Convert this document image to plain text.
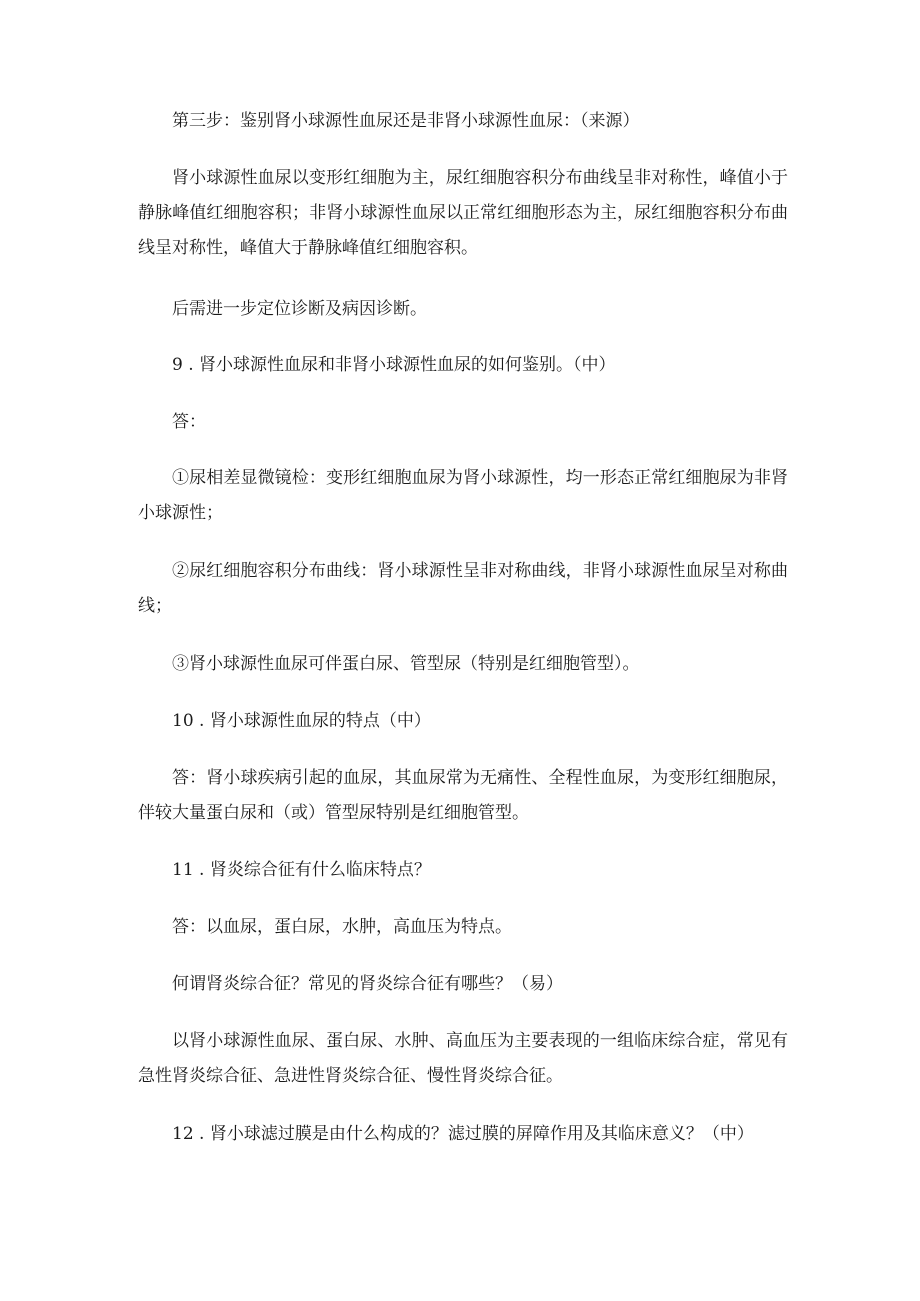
第三步：鉴别肾小球源性血尿还是非肾小球源性血尿：（来源）

肾小球源性血尿以变形红细胞为主，尿红细胞容积分布曲线呈非对称性，峰值小于静脉峰值红细胞容积；非肾小球源性血尿以正常红细胞形态为主，尿红细胞容积分布曲线呈对称性，峰值大于静脉峰值红细胞容积。

后需进一步定位诊断及病因诊断。

9 . 肾小球源性血尿和非肾小球源性血尿的如何鉴别。（中）

答：

①尿相差显微镜检：变形红细胞血尿为肾小球源性，均一形态正常红细胞尿为非肾小球源性；

②尿红细胞容积分布曲线：肾小球源性呈非对称曲线，非肾小球源性血尿呈对称曲线；

③肾小球源性血尿可伴蛋白尿、管型尿（特别是红细胞管型）。

10 . 肾小球源性血尿的特点（中）

答：肾小球疾病引起的血尿，其血尿常为无痛性、全程性血尿，为变形红细胞尿，伴较大量蛋白尿和（或）管型尿特别是红细胞管型。

11 . 肾炎综合征有什么临床特点？

答：以血尿，蛋白尿，水肿，高血压为特点。

何谓肾炎综合征？常见的肾炎综合征有哪些？（易）

以肾小球源性血尿、蛋白尿、水肿、高血压为主要表现的一组临床综合症，常见有急性肾炎综合征、急进性肾炎综合征、慢性肾炎综合征。

12 . 肾小球滤过膜是由什么构成的？滤过膜的屏障作用及其临床意义？（中）
